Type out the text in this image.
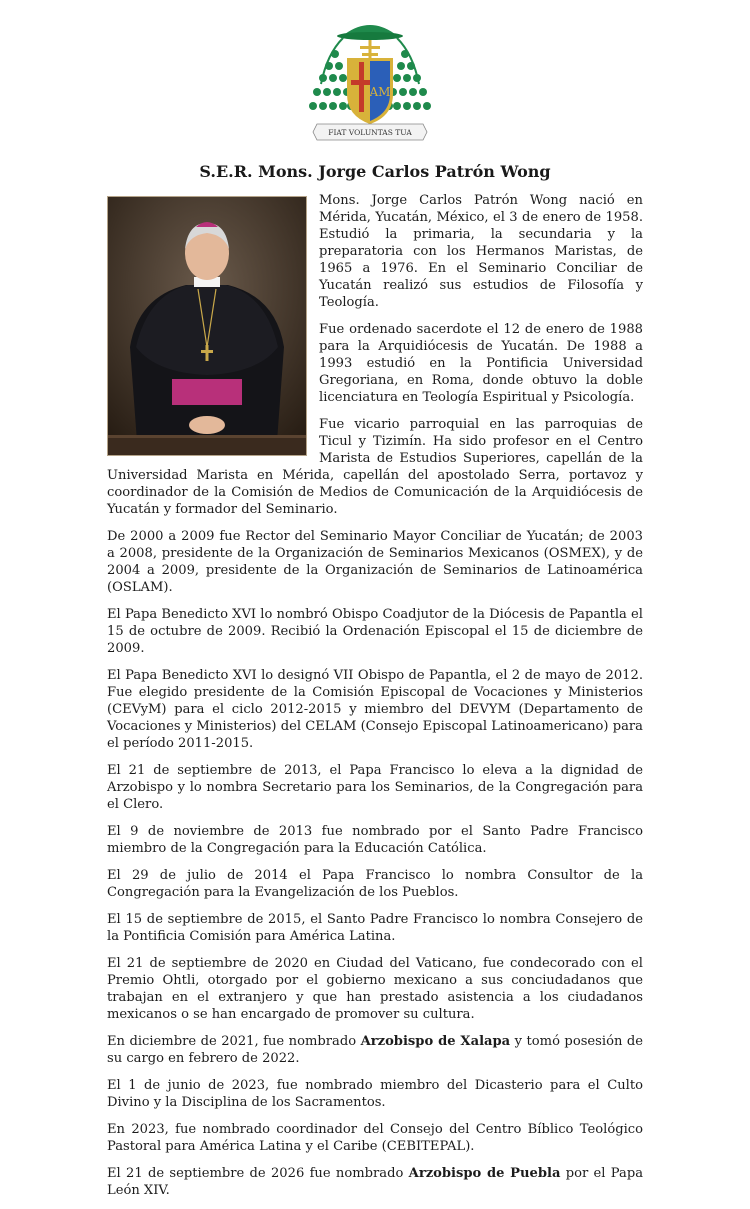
AM
FIAT VOLUNTAS TUA
S.E.R. Mons. Jorge Carlos Patrón Wong

Mons. Jorge Carlos Patrón Wong nació en Mérida, Yucatán, México, el 3 de enero de 1958. Estudió la primaria, la secundaria y la preparatoria con los Hermanos Maristas, de 1965 a 1976. En el Seminario Conciliar de Yucatán realizó sus estudios de Filosofía y Teología.

Fue ordenado sacerdote el 12 de enero de 1988 para la Arquidiócesis de Yucatán. De 1988 a 1993 estudió en la Pontificia Universidad Gregoriana, en Roma, donde obtuvo la doble licenciatura en Teología Espiritual y Psicología.

Fue vicario parroquial en las parroquias de Ticul y Tizimín. Ha sido profesor en el Centro Marista de Estudios Superiores, capellán de la Universidad Marista en Mérida, capellán del apostolado Serra, portavoz y coordinador de la Comisión de Medios de Comunicación de la Arquidiócesis de Yucatán y formador del Seminario.

De 2000 a 2009 fue Rector del Seminario Mayor Conciliar de Yucatán; de 2003 a 2008, presidente de la Organización de Seminarios Mexicanos (OSMEX), y de 2004 a 2009, presidente de la Organización de Seminarios de Latinoamérica (OSLAM).

El Papa Benedicto XVI lo nombró Obispo Coadjutor de la Diócesis de Papantla el 15 de octubre de 2009. Recibió la Ordenación Episcopal el 15 de diciembre de 2009.

El Papa Benedicto XVI lo designó VII Obispo de Papantla, el 2 de mayo de 2012. Fue elegido presidente de la Comisión Episcopal de Vocaciones y Ministerios (CEVyM) para el ciclo 2012-2015 y miembro del DEVYM (Departamento de Vocaciones y Ministerios) del CELAM (Consejo Episcopal Latinoamericano) para el período 2011-2015.

El 21 de septiembre de 2013, el Papa Francisco lo eleva a la dignidad de Arzobispo y lo nombra Secretario para los Seminarios, de la Congregación para el Clero.

El 9 de noviembre de 2013 fue nombrado por el Santo Padre Francisco miembro de la Congregación para la Educación Católica.

El 29 de julio de 2014 el Papa Francisco lo nombra Consultor de la Congregación para la Evangelización de los Pueblos.

El 15 de septiembre de 2015, el Santo Padre Francisco lo nombra Consejero de la Pontificia Comisión para América Latina.

El 21 de septiembre de 2020 en Ciudad del Vaticano, fue condecorado con el Premio Ohtli, otorgado por el gobierno mexicano a sus conciudadanos que trabajan en el extranjero y que han prestado asistencia a los ciudadanos mexicanos o se han encargado de promover su cultura.

En diciembre de 2021, fue nombrado Arzobispo de Xalapa y tomó posesión de su cargo en febrero de 2022.

El 1 de junio de 2023, fue nombrado miembro del Dicasterio para el Culto Divino y la Disciplina de los Sacramentos.

En 2023, fue nombrado coordinador del Consejo del Centro Bíblico Teológico Pastoral para América Latina y el Caribe (CEBITEPAL).

El 21 de septiembre de 2026 fue nombrado Arzobispo de Puebla por el Papa León XIV.
